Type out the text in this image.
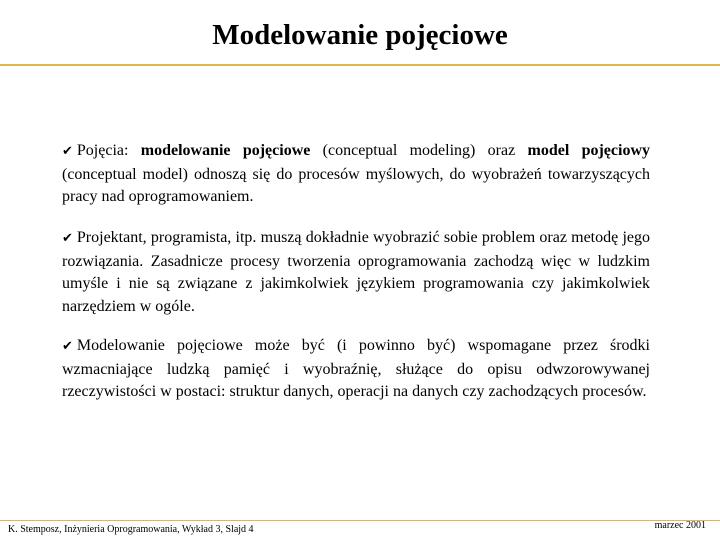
Modelowanie pojęciowe
✔ Pojęcia: modelowanie pojęciowe (conceptual modeling) oraz model pojęciowy (conceptual model) odnoszą się do procesów myślowych, do wyobrażeń towarzyszących pracy nad oprogramowaniem.
✔ Projektant, programista, itp. muszą dokładnie wyobrazić sobie problem oraz metodę jego rozwiązania. Zasadnicze procesy tworzenia oprogramowania zachodzą więc w ludzkim umyśle i nie są związane z jakimkolwiek językiem programowania czy jakimkolwiek narzędziem w ogóle.
✔ Modelowanie pojęciowe może być (i powinno być) wspomagane przez środki wzmacniające ludzką pamięć i wyobraźnię, służące do opisu odwzorowywanej rzeczywistości w postaci: struktur danych, operacji na danych czy zachodzących procesów.
K. Stemposz, Inżynieria Oprogramowania, Wykład 3, Slajd 4	marzec 2001
